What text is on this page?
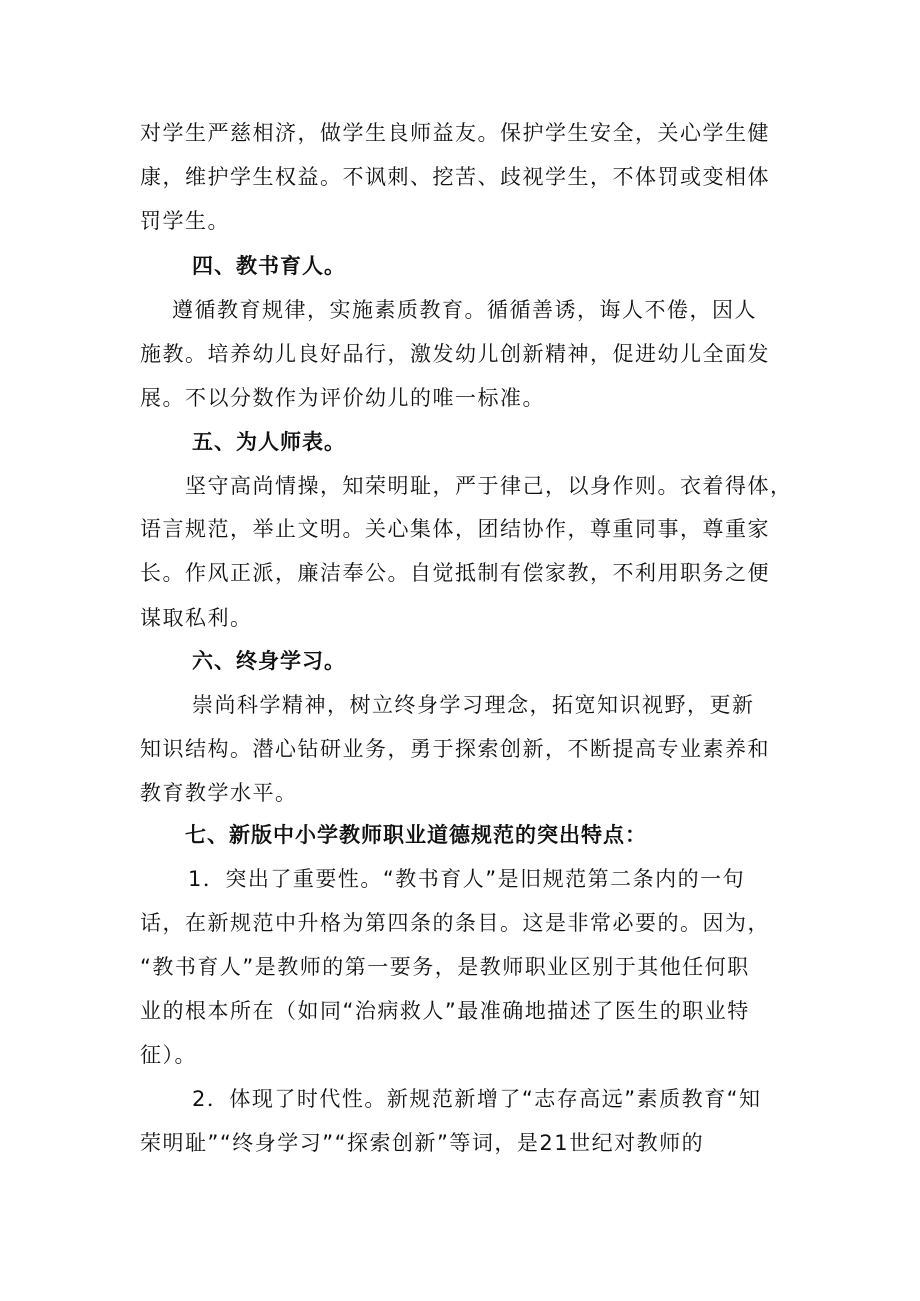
对学生严慈相济，做学生良师益友。保护学生安全，关心学生健
康，维护学生权益。不讽刺、挖苦、歧视学生，不体罚或变相体
罚学生。
四、教书育人。
遵循教育规律，实施素质教育。循循善诱，诲人不倦，因人
施教。培养幼儿良好品行，激发幼儿创新精神，促进幼儿全面发
展。不以分数作为评价幼儿的唯一标准。
五、为人师表。
坚守高尚情操，知荣明耻，严于律己，以身作则。衣着得体，
语言规范，举止文明。关心集体，团结协作，尊重同事，尊重家
长。作风正派，廉洁奉公。自觉抵制有偿家教，不利用职务之便
谋取私利。
六、终身学习。
崇尚科学精神，树立终身学习理念，拓宽知识视野，更新
知识结构。潜心钻研业务，勇于探索创新，不断提高专业素养和
教育教学水平。
七、新版中小学教师职业道德规范的突出特点：
1．突出了重要性。“教书育人”是旧规范第二条内的一句
话，在新规范中升格为第四条的条目。这是非常必要的。因为，
“教书育人”是教师的第一要务，是教师职业区别于其他任何职
业的根本所在（如同“治病救人”最准确地描述了医生的职业特
征）。
2．体现了时代性。新规范新增了“志存高远”素质教育“知
荣明耻”“终身学习”“探索创新”等词，是21世纪对教师的
